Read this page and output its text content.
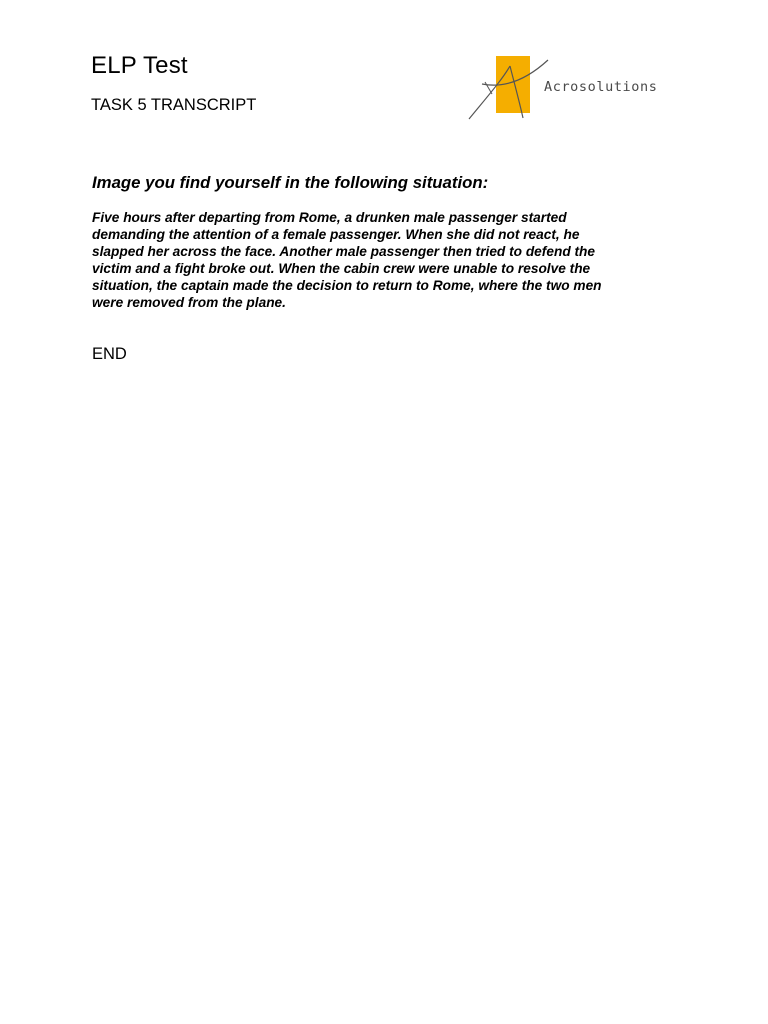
ELP Test

TASK 5 TRANSCRIPT

Acrosolutions
Image you find yourself in the following situation:

Five hours after departing from Rome, a drunken male passenger started
demanding the attention of a female passenger. When she did not react, he
slapped her across the face. Another male passenger then tried to defend the
victim and a fight broke out. When the cabin crew were unable to resolve the
situation, the captain made the decision to return to Rome, where the two men
were removed from the plane.

END
